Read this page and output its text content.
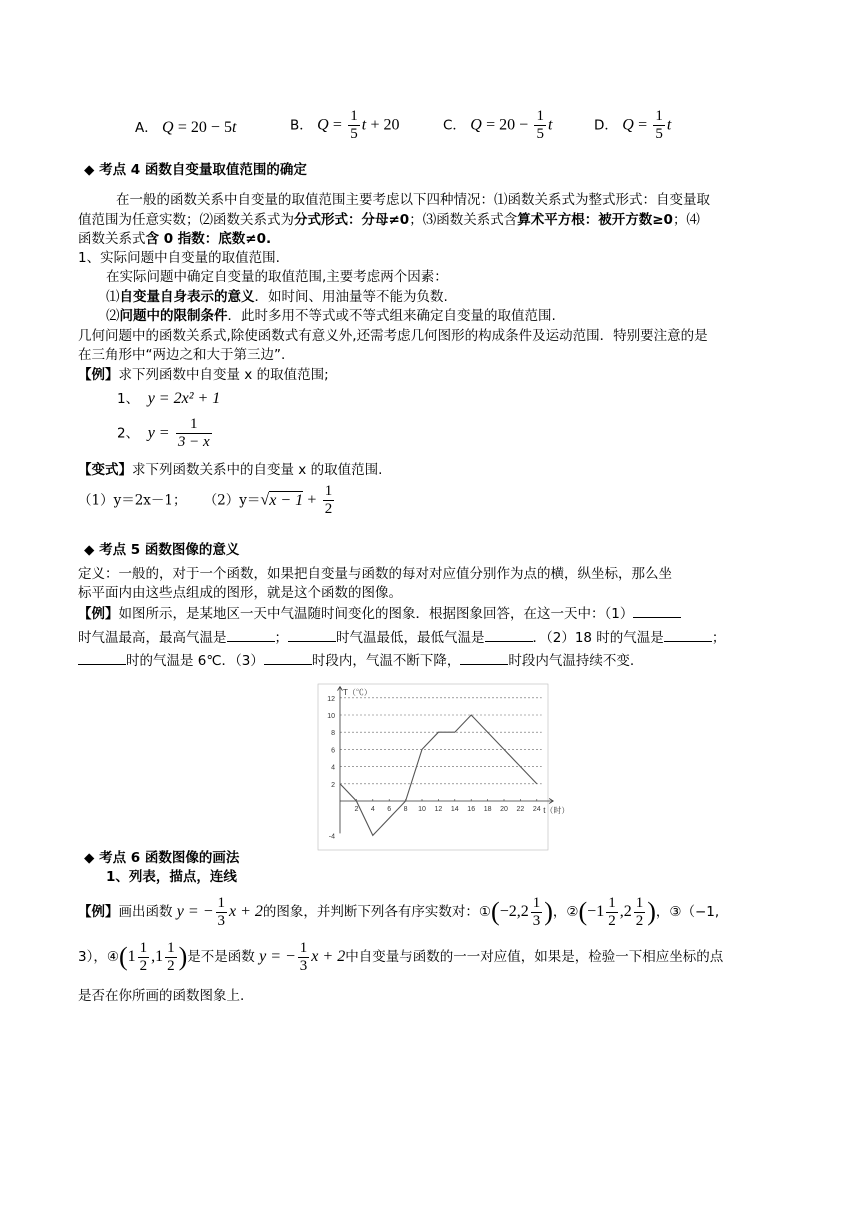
A． Q = 20 − 5t	B． $Q = \frac{1}{5}$ t + 20	C． $Q = 20 - \frac{1}{5}$ t	D． $Q = \frac{1}{5}$ t
◆ 考点 4 函数自变量取值范围的确定
在一般的函数关系中自变量的取值范围主要考虑以下四种情况：⑴函数关系式为整式形式：自变量取
值范围为任意实数；⑵函数关系式为分式形式：分母≠0；⑶函数关系式含算术平方根：被开方数≥0；⑷
函数关系式含 0 指数：底数≠0.
1、实际问题中自变量的取值范围.
在实际问题中确定自变量的取值范围,主要考虑两个因素：
⑴自变量自身表示的意义．如时间、用油量等不能为负数.
⑵问题中的限制条件．此时多用不等式或不等式组来确定自变量的取值范围.
几何问题中的函数关系式,除使函数式有意义外,还需考虑几何图形的构成条件及运动范围．特别要注意的是
在三角形中“两边之和大于第三边”.
【例】求下列函数中自变量 x 的取值范围;
1、 y = 2x² + 1
2、 $y = \frac{1}{3 - x}$
【变式】求下列函数关系中的自变量 x 的取值范围.
（1）y＝2x－1； $(2)y=√x - 1 + \frac{1}{2}$
◆ 考点 5 函数图像的意义
定义：一般的，对于一个函数，如果把自变量与函数的每对对应值分别作为点的横，纵坐标，那么坐
标平面内由这些点组成的图形，就是这个函数的图像。
【例】如图所示，是某地区一天中气温随时间变化的图象．根据图象回答，在这一天中：（1）
时气温最高，最高气温是	；	时气温最低，最低气温是	．（2）18 时的气温是	；
时的气温是 6℃．（3）	时段内，气温不断下降，	时段内气温持续不变.
12
10
8
6
4
2
-4
2 4 6 8 10 12 14 16 18 20 22 24
T（℃）
t（时）
◆ 考点 6 函数图像的画法
1、列表，描点，连线
【例】画出函数 y = − $\frac{1}{3}$ x + 2的图象，并判断下列各有序实数对：①(−2,2 $\frac{1}{3}$ )，②(−1 $\frac{1}{2} ,2 \frac{1}{2}$ )，③（−1,
3），④(1 $\frac{1}{2} ,1 \frac{1}{2}$ )是不是函数 y = − $\frac{1}{3}$ x + 2中自变量与函数的一一对应值，如果是，检验一下相应坐标的点
是否在你所画的函数图象上.
